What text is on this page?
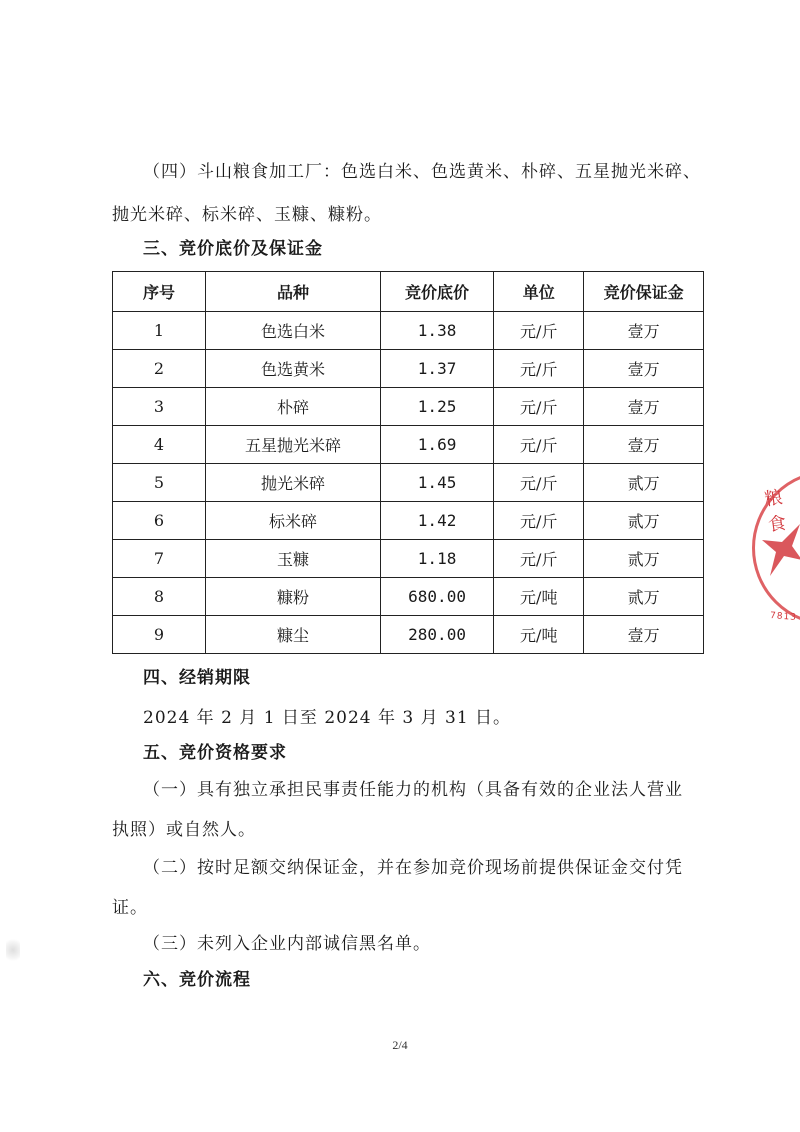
（四）斗山粮食加工厂：色选白米、色选黄米、朴碎、五星抛光米碎、
抛光米碎、标米碎、玉糠、糠粉。
三、竞价底价及保证金
序号	品种	竞价底价	单位	竞价保证金
1	色选白米	1.38	元/斤	壹万
2	色选黄米	1.37	元/斤	壹万
3	朴碎	1.25	元/斤	壹万
4	五星抛光米碎	1.69	元/斤	壹万
5	抛光米碎	1.45	元/斤	贰万
6	标米碎	1.42	元/斤	贰万
7	玉糠	1.18	元/斤	贰万
8	糠粉	680.00	元/吨	贰万
9	糠尘	280.00	元/吨	壹万
四、经销期限
2024 年 2 月 1 日至 2024 年 3 月 31 日。
五、竞价资格要求
（一）具有独立承担民事责任能力的机构（具备有效的企业法人营业
执照）或自然人。
（二）按时足额交纳保证金，并在参加竞价现场前提供保证金交付凭
证。
（三）未列入企业内部诚信黑名单。
六、竞价流程
粮食
7813
2/4
